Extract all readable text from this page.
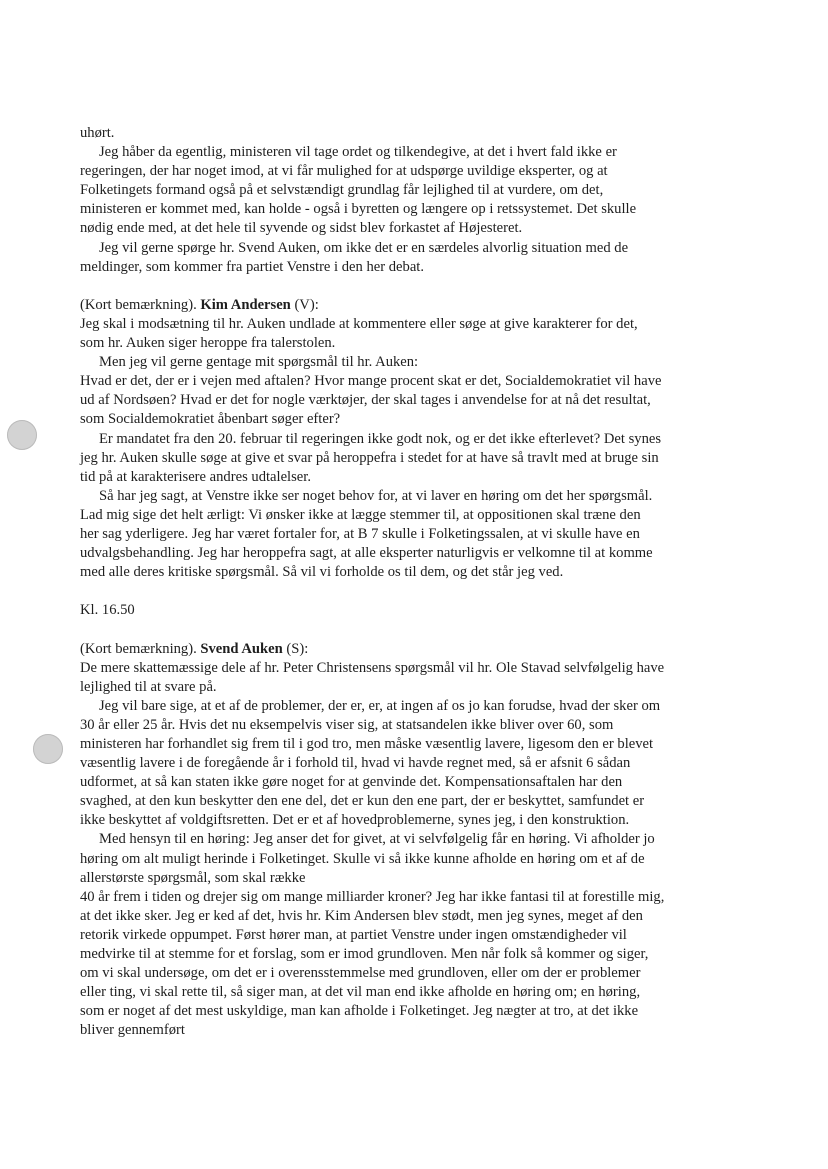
uhørt.
Jeg håber da egentlig, ministeren vil tage ordet og tilkendegive, at det i hvert fald ikke er
regeringen, der har noget imod, at vi får mulighed for at udspørge uvildige eksperter, og at
Folketingets formand også på et selvstændigt grundlag får lejlighed til at vurdere, om det,
ministeren er kommet med, kan holde - også i byretten og længere op i retssystemet. Det skulle
nødig ende med, at det hele til syvende og sidst blev forkastet af Højesteret.
Jeg vil gerne spørge hr. Svend Auken, om ikke det er en særdeles alvorlig situation med de
meldinger, som kommer fra partiet Venstre i den her debat.
(Kort bemærkning). Kim Andersen (V):
Jeg skal i modsætning til hr. Auken undlade at kommentere eller søge at give karakterer for det,
som hr. Auken siger heroppe fra talerstolen.
Men jeg vil gerne gentage mit spørgsmål til hr. Auken:
Hvad er det, der er i vejen med aftalen? Hvor mange procent skat er det, Socialdemokratiet vil have
ud af Nordsøen? Hvad er det for nogle værktøjer, der skal tages i anvendelse for at nå det resultat,
som Socialdemokratiet åbenbart søger efter?
Er mandatet fra den 20. februar til regeringen ikke godt nok, og er det ikke efterlevet? Det synes
jeg hr. Auken skulle søge at give et svar på heroppefra i stedet for at have så travlt med at bruge sin
tid på at karakterisere andres udtalelser.
Så har jeg sagt, at Venstre ikke ser noget behov for, at vi laver en høring om det her spørgsmål.
Lad mig sige det helt ærligt: Vi ønsker ikke at lægge stemmer til, at oppositionen skal træne den
her sag yderligere. Jeg har været fortaler for, at B 7 skulle i Folketingssalen, at vi skulle have en
udvalgsbehandling. Jeg har heroppefra sagt, at alle eksperter naturligvis er velkomne til at komme
med alle deres kritiske spørgsmål. Så vil vi forholde os til dem, og det står jeg ved.
Kl. 16.50
(Kort bemærkning). Svend Auken (S):
De mere skattemæssige dele af hr. Peter Christensens spørgsmål vil hr. Ole Stavad selvfølgelig have
lejlighed til at svare på.
Jeg vil bare sige, at et af de problemer, der er, er, at ingen af os jo kan forudse, hvad der sker om
30 år eller 25 år. Hvis det nu eksempelvis viser sig, at statsandelen ikke bliver over 60, som
ministeren har forhandlet sig frem til i god tro, men måske væsentlig lavere, ligesom den er blevet
væsentlig lavere i de foregående år i forhold til, hvad vi havde regnet med, så er afsnit 6 sådan
udformet, at så kan staten ikke gøre noget for at genvinde det. Kompensationsaftalen har den
svaghed, at den kun beskytter den ene del, det er kun den ene part, der er beskyttet, samfundet er
ikke beskyttet af voldgiftsretten. Det er et af hovedproblemerne, synes jeg, i den konstruktion.
Med hensyn til en høring: Jeg anser det for givet, at vi selvfølgelig får en høring. Vi afholder jo
høring om alt muligt herinde i Folketinget. Skulle vi så ikke kunne afholde en høring om et af de
allerstørste spørgsmål, som skal række
40 år frem i tiden og drejer sig om mange milliarder kroner? Jeg har ikke fantasi til at forestille mig,
at det ikke sker. Jeg er ked af det, hvis hr. Kim Andersen blev stødt, men jeg synes, meget af den
retorik virkede oppumpet. Først hører man, at partiet Venstre under ingen omstændigheder vil
medvirke til at stemme for et forslag, som er imod grundloven. Men når folk så kommer og siger,
om vi skal undersøge, om det er i overensstemmelse med grundloven, eller om der er problemer
eller ting, vi skal rette til, så siger man, at det vil man end ikke afholde en høring om; en høring,
som er noget af det mest uskyldige, man kan afholde i Folketinget. Jeg nægter at tro, at det ikke
bliver gennemført
